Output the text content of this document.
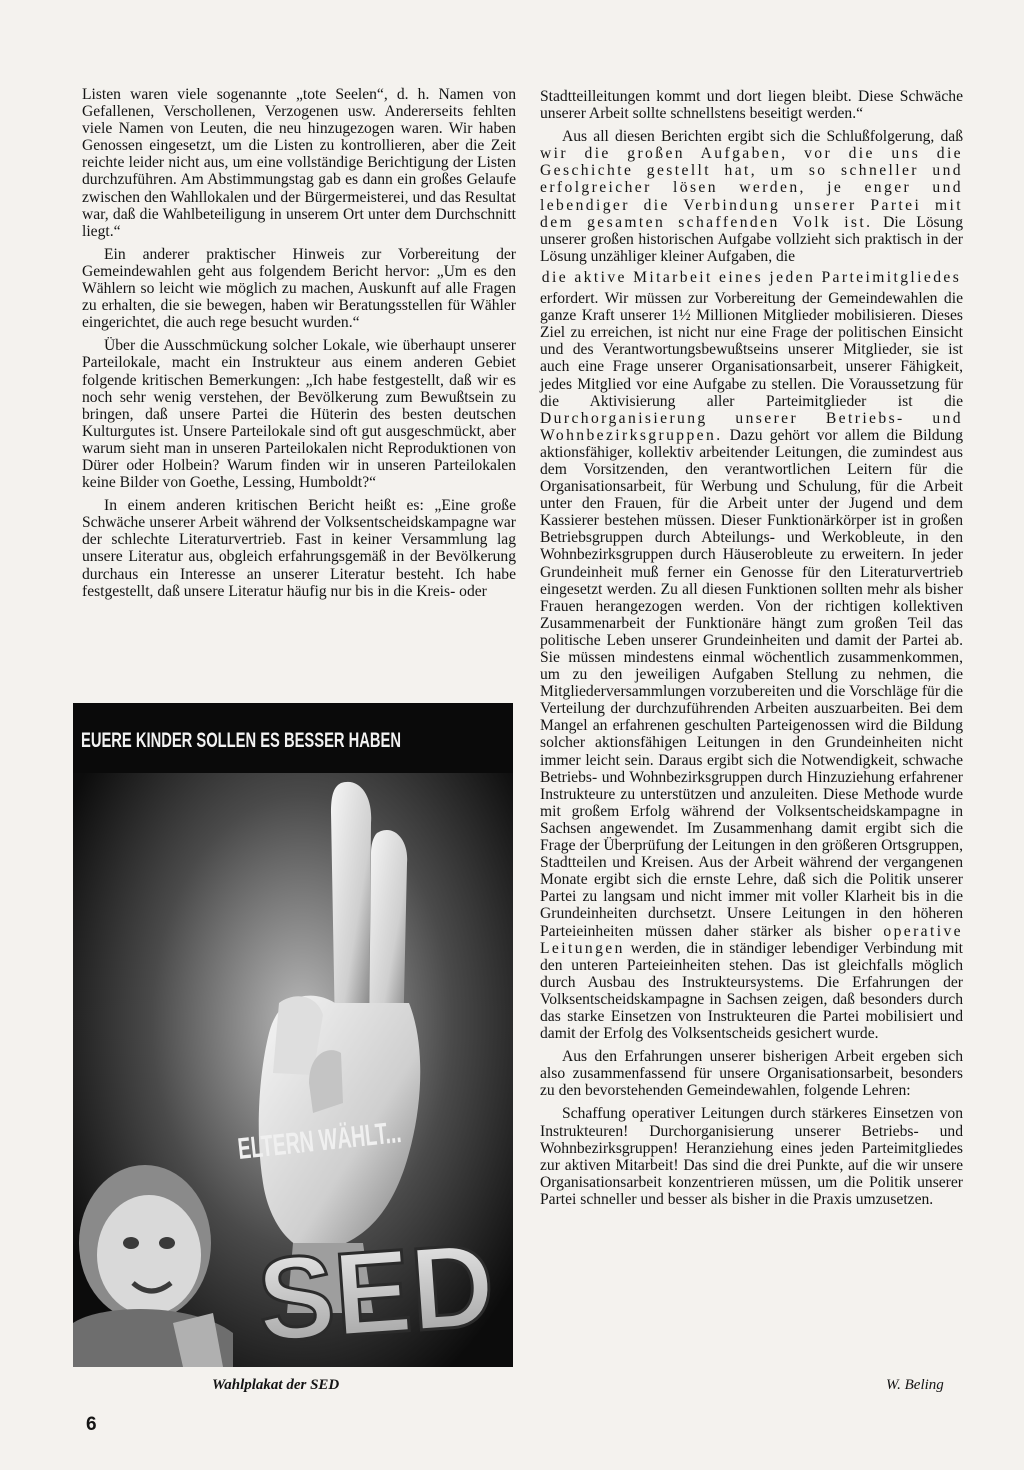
Listen waren viele sogenannte „tote Seelen“, d. h. Namen von Gefallenen, Verschollenen, Verzogenen usw. Andererseits fehlten viele Namen von Leuten, die neu hinzugezogen waren. Wir haben Genossen eingesetzt, um die Listen zu kontrollieren, aber die Zeit reichte leider nicht aus, um eine vollständige Berichtigung der Listen durchzuführen. Am Abstimmungstag gab es dann ein großes Gelaufe zwischen den Wahllokalen und der Bürgermeisterei, und das Resultat war, daß die Wahlbeteiligung in unserem Ort unter dem Durchschnitt liegt.“

Ein anderer praktischer Hinweis zur Vorbereitung der Gemeindewahlen geht aus folgendem Bericht hervor: „Um es den Wählern so leicht wie möglich zu machen, Auskunft auf alle Fragen zu erhalten, die sie bewegen, haben wir Beratungsstellen für Wähler eingerichtet, die auch rege besucht wurden.“

Über die Ausschmückung solcher Lokale, wie überhaupt unserer Parteilokale, macht ein Instrukteur aus einem anderen Gebiet folgende kritischen Bemerkungen: „Ich habe festgestellt, daß wir es noch sehr wenig verstehen, der Bevölkerung zum Bewußtsein zu bringen, daß unsere Partei die Hüterin des besten deutschen Kulturgutes ist. Unsere Parteilokale sind oft gut ausgeschmückt, aber warum sieht man in unseren Parteilokalen nicht Reproduktionen von Dürer oder Holbein? Warum finden wir in unseren Parteilokalen keine Bilder von Goethe, Lessing, Humboldt?“

In einem anderen kritischen Bericht heißt es: „Eine große Schwäche unserer Arbeit während der Volksentscheidskampagne war der schlechte Literaturvertrieb. Fast in keiner Versammlung lag unsere Literatur aus, obgleich erfahrungsgemäß in der Bevölkerung durchaus ein Interesse an unserer Literatur besteht. Ich habe festgestellt, daß unsere Literatur häufig nur bis in die Kreis- oder

EUERE KINDER SOLLEN ES BESSER HABEN
ELTERN WÄHLT...
SED
Wahlplakat der SED

Stadtteilleitungen kommt und dort liegen bleibt. Diese Schwäche unserer Arbeit sollte schnellstens beseitigt werden.“

Aus all diesen Berichten ergibt sich die Schlußfolgerung, daß wir die großen Aufgaben, vor die uns die Geschichte gestellt hat, um so schneller und erfolgreicher lösen werden, je enger und lebendiger die Verbindung unserer Partei mit dem gesamten schaffenden Volk ist. Die Lösung unserer großen historischen Aufgabe vollzieht sich praktisch in der Lösung unzähliger kleiner Aufgaben, die

die aktive Mitarbeit eines jeden Parteimitgliedes

erfordert. Wir müssen zur Vorbereitung der Gemeindewahlen die ganze Kraft unserer 1½ Millionen Mitglieder mobilisieren. Dieses Ziel zu erreichen, ist nicht nur eine Frage der politischen Einsicht und des Verantwortungsbewußtseins unserer Mitglieder, sie ist auch eine Frage unserer Organisationsarbeit, unserer Fähigkeit, jedes Mitglied vor eine Aufgabe zu stellen. Die Voraussetzung für die Aktivisierung aller Parteimitglieder ist die Durchorganisierung unserer Betriebs- und Wohnbezirksgruppen. Dazu gehört vor allem die Bildung aktionsfähiger, kollektiv arbeitender Leitungen, die zumindest aus dem Vorsitzenden, den verantwortlichen Leitern für die Organisationsarbeit, für Werbung und Schulung, für die Arbeit unter den Frauen, für die Arbeit unter der Jugend und dem Kassierer bestehen müssen. Dieser Funktionärkörper ist in großen Betriebsgruppen durch Abteilungs- und Werkobleute, in den Wohnbezirksgruppen durch Häuserobleute zu erweitern. In jeder Grundeinheit muß ferner ein Genosse für den Literaturvertrieb eingesetzt werden. Zu all diesen Funktionen sollten mehr als bisher Frauen herangezogen werden. Von der richtigen kollektiven Zusammenarbeit der Funktionäre hängt zum großen Teil das politische Leben unserer Grundeinheiten und damit der Partei ab. Sie müssen mindestens einmal wöchentlich zusammenkommen, um zu den jeweiligen Aufgaben Stellung zu nehmen, die Mitgliederversammlungen vorzubereiten und die Vorschläge für die Verteilung der durchzuführenden Arbeiten auszuarbeiten. Bei dem Mangel an erfahrenen geschulten Parteigenossen wird die Bildung solcher aktionsfähigen Leitungen in den Grundeinheiten nicht immer leicht sein. Daraus ergibt sich die Notwendigkeit, schwache Betriebs- und Wohnbezirksgruppen durch Hinzuziehung erfahrener Instrukteure zu unterstützen und anzuleiten. Diese Methode wurde mit großem Erfolg während der Volksentscheidskampagne in Sachsen angewendet. Im Zusammenhang damit ergibt sich die Frage der Überprüfung der Leitungen in den größeren Ortsgruppen, Stadtteilen und Kreisen. Aus der Arbeit während der vergangenen Monate ergibt sich die ernste Lehre, daß sich die Politik unserer Partei zu langsam und nicht immer mit voller Klarheit bis in die Grundeinheiten durchsetzt. Unsere Leitungen in den höheren Parteieinheiten müssen daher stärker als bisher operative Leitungen werden, die in ständiger lebendiger Verbindung mit den unteren Parteieinheiten stehen. Das ist gleichfalls möglich durch Ausbau des Instrukteursystems. Die Erfahrungen der Volksentscheidskampagne in Sachsen zeigen, daß besonders durch das starke Einsetzen von Instrukteuren die Partei mobilisiert und damit der Erfolg des Volksentscheids gesichert wurde.

Aus den Erfahrungen unserer bisherigen Arbeit ergeben sich also zusammenfassend für unsere Organisationsarbeit, besonders zu den bevorstehenden Gemeindewahlen, folgende Lehren:

Schaffung operativer Leitungen durch stärkeres Einsetzen von Instrukteuren! Durchorganisierung unserer Betriebs- und Wohnbezirksgruppen! Heranziehung eines jeden Parteimitgliedes zur aktiven Mitarbeit! Das sind die drei Punkte, auf die wir unsere Organisationsarbeit konzentrieren müssen, um die Politik unserer Partei schneller und besser als bisher in die Praxis umzusetzen.

W. Beling
6
